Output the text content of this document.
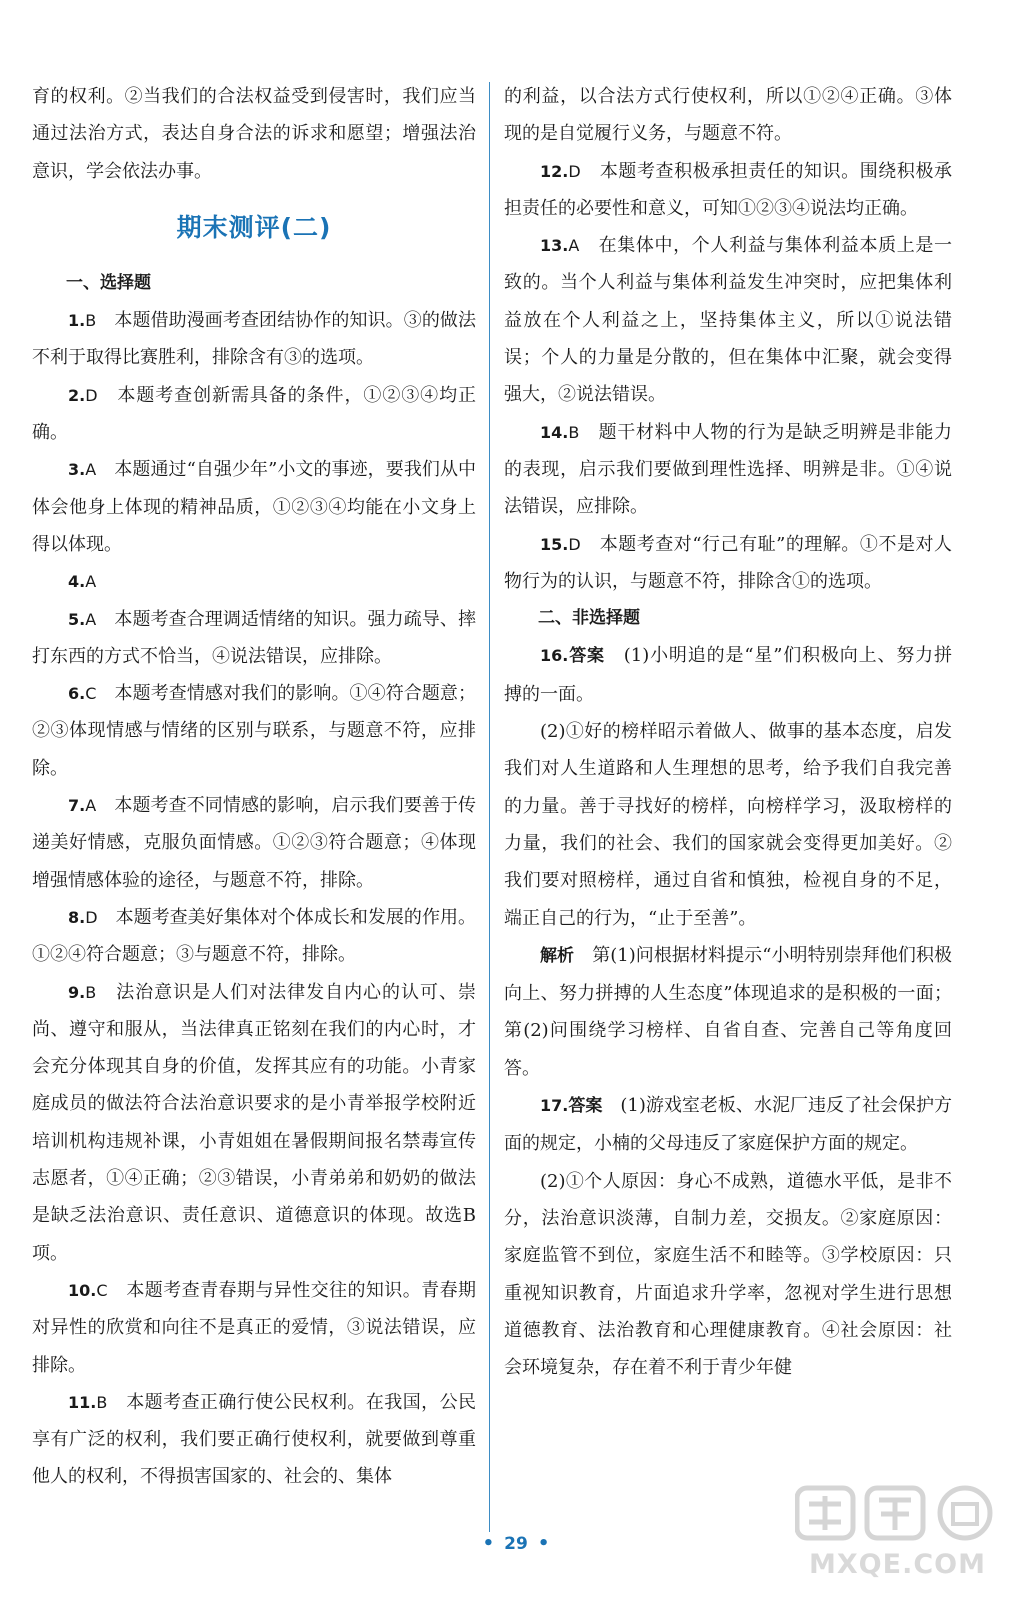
育的权利。②当我们的合法权益受到侵害时，我们应当通过法治方式，表达自身合法的诉求和愿望；增强法治意识，学会依法办事。

期末测评(二)

一、选择题

1.B　 本题借助漫画考查团结协作的知识。③的做法不利于取得比赛胜利，排除含有③的选项。

2.D　 本题考查创新需具备的条件，①②③④均正确。

3.A　 本题通过“自强少年”小文的事迹，要我们从中体会他身上体现的精神品质，①②③④均能在小文身上得以体现。

4.A

5.A　 本题考查合理调适情绪的知识。强力疏导、摔打东西的方式不恰当，④说法错误，应排除。

6.C　 本题考查情感对我们的影响。①④符合题意；②③体现情感与情绪的区别与联系，与题意不符，应排除。

7.A　 本题考查不同情感的影响，启示我们要善于传递美好情感，克服负面情感。①②③符合题意；④体现增强情感体验的途径，与题意不符，排除。

8.D　 本题考查美好集体对个体成长和发展的作用。①②④符合题意；③与题意不符，排除。

9.B　 法治意识是人们对法律发自内心的认可、崇尚、遵守和服从，当法律真正铭刻在我们的内心时，才会充分体现其自身的价值，发挥其应有的功能。小青家庭成员的做法符合法治意识要求的是小青举报学校附近培训机构违规补课，小青姐姐在暑假期间报名禁毒宣传志愿者，①④正确；②③错误，小青弟弟和奶奶的做法是缺乏法治意识、责任意识、道德意识的体现。故选B项。

10.C　 本题考查青春期与异性交往的知识。青春期对异性的欣赏和向往不是真正的爱情，③说法错误，应排除。

11.B　 本题考查正确行使公民权利。在我国，公民享有广泛的权利，我们要正确行使权利，就要做到尊重他人的权利，不得损害国家的、社会的、集体

的利益，以合法方式行使权利，所以①②④正确。③体现的是自觉履行义务，与题意不符。

12.D　 本题考查积极承担责任的知识。围绕积极承担责任的必要性和意义，可知①②③④说法均正确。

13.A　 在集体中，个人利益与集体利益本质上是一致的。当个人利益与集体利益发生冲突时，应把集体利益放在个人利益之上，坚持集体主义，所以①说法错误；个人的力量是分散的，但在集体中汇聚，就会变得强大，②说法错误。

14.B　 题干材料中人物的行为是缺乏明辨是非能力的表现，启示我们要做到理性选择、明辨是非。①④说法错误，应排除。

15.D　 本题考查对“行己有耻”的理解。①不是对人物行为的认识，与题意不符，排除含①的选项。

二、非选择题

16.答案　 (1)小明追的是“星”们积极向上、努力拼搏的一面。

(2)①好的榜样昭示着做人、做事的基本态度，启发我们对人生道路和人生理想的思考，给予我们自我完善的力量。善于寻找好的榜样，向榜样学习，汲取榜样的力量，我们的社会、我们的国家就会变得更加美好。②我们要对照榜样，通过自省和慎独，检视自身的不足，端正自己的行为，“止于至善”。

解析　 第(1)问根据材料提示“小明特别崇拜他们积极向上、努力拼搏的人生态度”体现追求的是积极的一面；第(2)问围绕学习榜样、自省自查、完善自己等角度回答。

17.答案　 (1)游戏室老板、水泥厂违反了社会保护方面的规定，小楠的父母违反了家庭保护方面的规定。

(2)①个人原因：身心不成熟，道德水平低，是非不分，法治意识淡薄，自制力差，交损友。②家庭原因：家庭监管不到位，家庭生活不和睦等。③学校原因：只重视知识教育，片面追求升学率，忽视对学生进行思想道德教育、法治教育和心理健康教育。④社会原因：社会环境复杂，存在着不利于青少年健

• 29 •
MXQE.COM
